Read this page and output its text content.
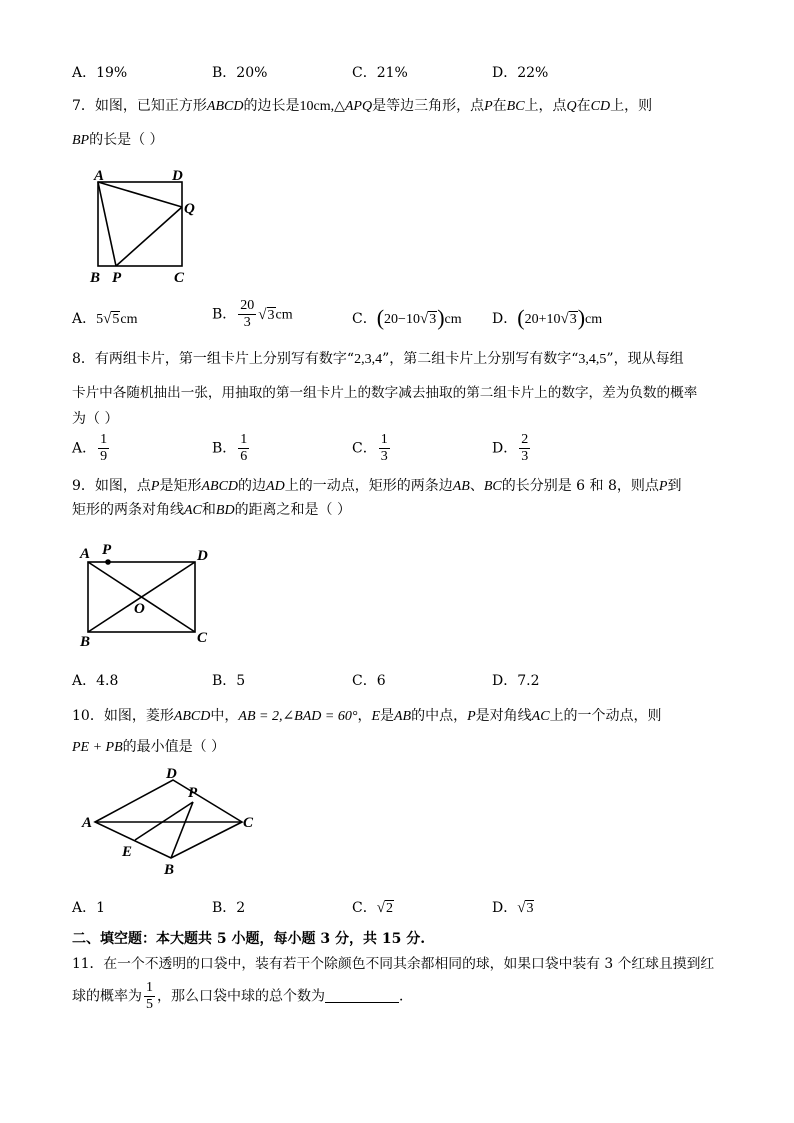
A．19%	B．20%	C．21%	D．22%
7．如图，已知正方形ABCD的边长是10cm,△APQ是等边三角形，点P在BC上，点Q在CD上，则
BP的长是（ ）
A	D
Q
B P	C
A．5√5cm	B． $\frac{20}{3} √3cm$	C．(20−10√3)cm D．(20+10√3)cm
8．有两组卡片，第一组卡片上分别写有数字“2,3,4”，第二组卡片上分别写有数字“3,4,5”，现从每组
卡片中各随机抽出一张，用抽取的第一组卡片上的数字减去抽取的第二组卡片上的数字，差为负数的概率
为（ ）
A． $\frac{1}{9}$	B． $\frac{1}{6}$	C． $\frac{1}{3}$	D． $\frac{2}{3}$
9．如图，点P是矩形ABCD的边AD上的一动点，矩形的两条边AB、BC的长分别是 6 和 8，则点P到
矩形的两条对角线AC和BD的距离之和是（ ）
A P	D
O
B	C
A．4.8	B．5	C．6	D．7.2
10．如图，菱形ABCD中，AB = 2,∠BAD = 60°，E是AB的中点，P是对角线AC上的一个动点，则
PE + PB的最小值是（ ）
D
A
P
C
E
B
A．1	B．2	C．√2	D．√3
二、填空题：本大题共 5 小题，每小题 3 分，共 15 分.
11．在一个不透明的口袋中，装有若干个除颜色不同其余都相同的球，如果口袋中装有 3 个红球且摸到红
球的概率为 $\frac{1}{5}$ ，那么口袋中球的总个数为	．
